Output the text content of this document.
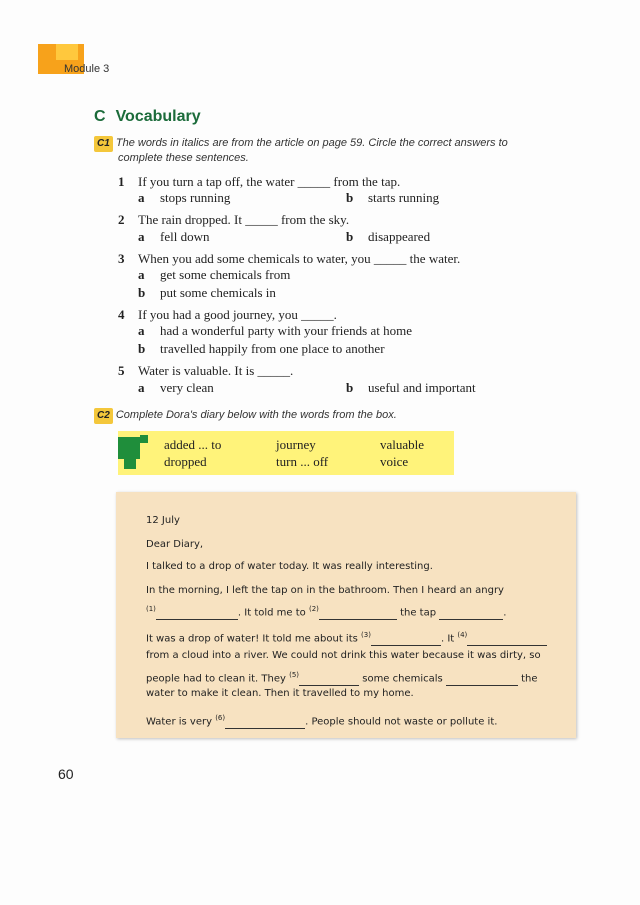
Module 3
C Vocabulary
C1 The words in italics are from the article on page 59. Circle the correct answers to
complete these sentences.
1 If you turn a tap off, the water _____ from the tap.
a stops running	b starts running
2 The rain dropped. It _____ from the sky.
a fell down	b disappeared
3 When you add some chemicals to water, you _____ the water.
a get some chemicals from
b put some chemicals in
4 If you had a good journey, you _____.
a had a wonderful party with your friends at home
b travelled happily from one place to another
5 Water is valuable. It is _____.
a very clean	b useful and important
C2 Complete Dora's diary below with the words from the box.
added ... to	journey	valuable
dropped	turn ... off	voice
12 July
Dear Diary,
I talked to a drop of water today. It was really interesting.
In the morning, I left the tap on in the bathroom. Then I heard an angry
$^{(1)}$	. It told me to $^{(2)}$	the tap	.
It was a drop of water! It told me about its $^{(3)}$	. It $^{(4)}$
from a cloud into a river. We could not drink this water because it was dirty, so
people had to clean it. They $^{(5)}$	some chemicals	the
water to make it clean. Then it travelled to my home.
Water is very $^{(6)}$	. People should not waste or pollute it.
60
